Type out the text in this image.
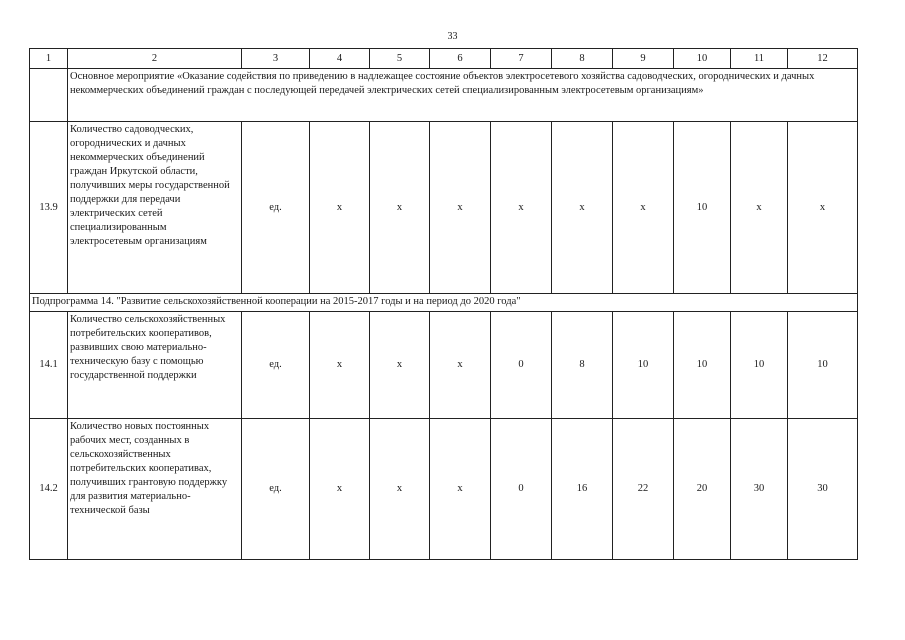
33
1	2	3	4	5	6	7	8	9	10	11	12
	Основное мероприятие «Оказание содействия по приведению в надлежащее состояние объектов электросетевого хозяйства садоводческих, огороднических и дачных некоммерческих объединений граждан с последующей передачей электрических сетей специализированным электросетевым организациям»										
13.9	Количество садоводческих, огороднических и дачных некоммерческих объединений граждан Иркутской области, получивших меры государственной поддержки для передачи электрических сетей специализированным электросетевым организациям	ед.	x	x	x	x	x	x	10	x	x
Подпрограмма 14. "Развитие сельскохозяйственной кооперации на 2015-2017 годы и на период до 2020 года"											
14.1	Количество сельскохозяйственных потребительских кооперативов, развивших свою материально-техническую базу с помощью государственной поддержки	ед.	x	x	x	0	8	10	10	10	10
14.2	Количество новых постоянных рабочих мест, созданных в сельскохозяйственных потребительских кооперативах, получивших грантовую поддержку для развития материально-технической базы	ед.	x	x	x	0	16	22	20	30	30
